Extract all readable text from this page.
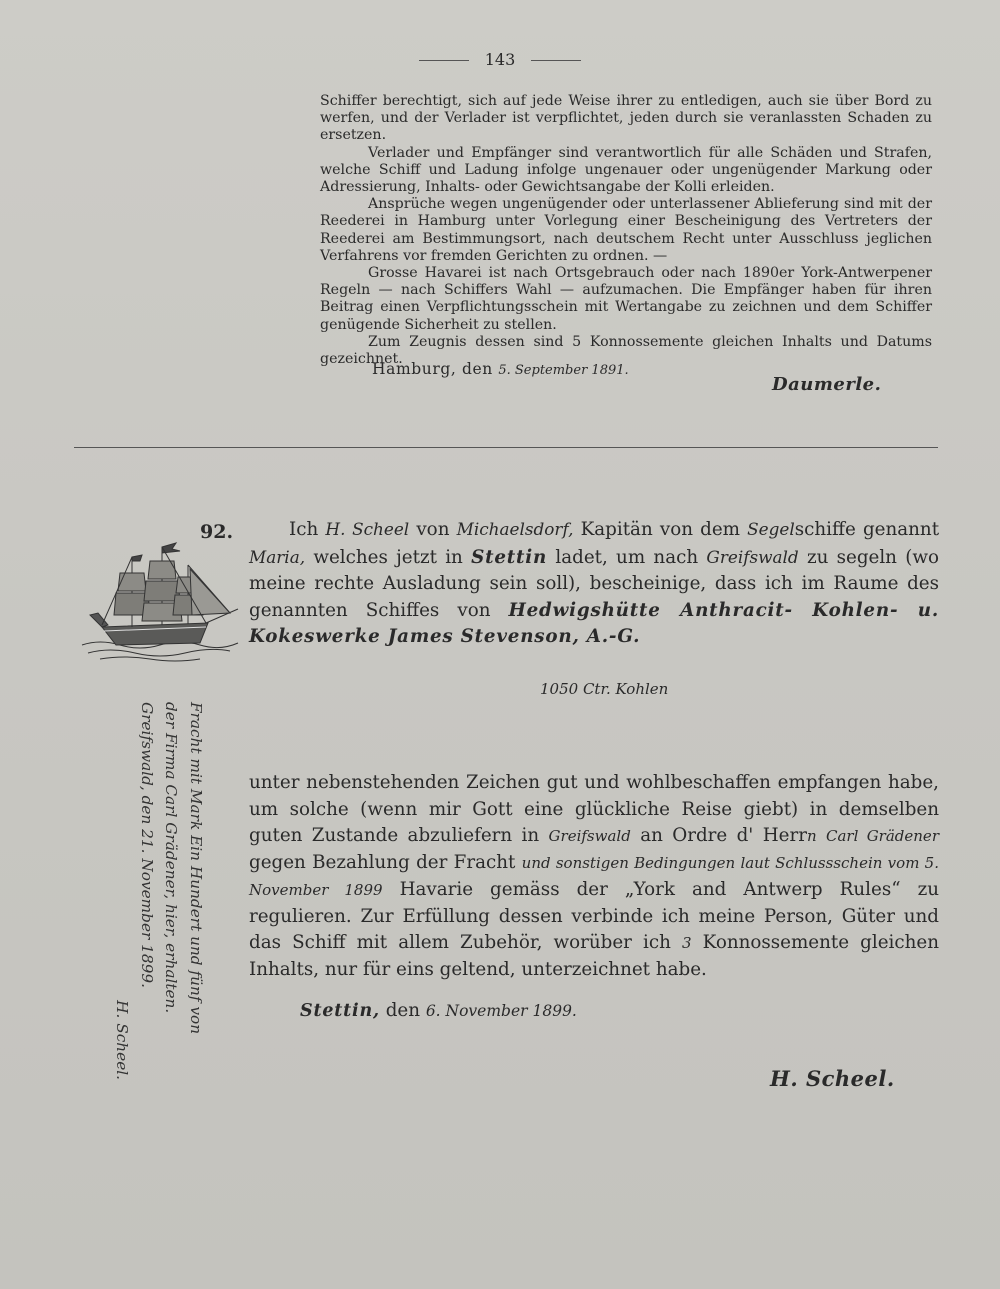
143

Schiffer berechtigt, sich auf jede Weise ihrer zu entledigen, auch sie über Bord zu werfen, und der Verlader ist verpflichtet, jeden durch sie veranlassten Schaden zu ersetzen.

Verlader und Empfänger sind verantwortlich für alle Schäden und Strafen, welche Schiff und Ladung infolge ungenauer oder ungenügender Markung oder Adressierung, Inhalts- oder Gewichtsangabe der Kolli erleiden.

Ansprüche wegen ungenügender oder unterlassener Ablieferung sind mit der Reederei in Hamburg unter Vorlegung einer Bescheinigung des Vertreters der Reederei am Bestimmungsort, nach deutschem Recht unter Ausschluss jeglichen Verfahrens vor fremden Gerichten zu ordnen. —

Grosse Havarei ist nach Ortsgebrauch oder nach 1890er York-Antwerpener Regeln — nach Schiffers Wahl — aufzumachen. Die Empfänger haben für ihren Beitrag einen Verpflichtungsschein mit Wertangabe zu zeichnen und dem Schiffer genügende Sicherheit zu stellen.

Zum Zeugnis dessen sind 5 Konnossemente gleichen Inhalts und Datums gezeichnet.

Hamburg, den 5. September 1891.
Daumerle.
92.	Ich H. Scheel von Michaelsdorf, Kapitän von dem Segelschiffe genannt Maria, welches jetzt in Stettin ladet, um nach Greifswald zu segeln (wo meine rechte Ausladung sein soll), bescheinige, dass ich im Raume des genannten Schiffes von Hedwigshütte Anthracit- Kohlen- u. Kokeswerke James Stevenson, A.-G.
1050 Ctr. Kohlen
unter nebenstehenden Zeichen gut und wohlbeschaffen empfangen habe, um solche (wenn mir Gott eine glückliche Reise giebt) in demselben guten Zustande abzuliefern in Greifswald an Ordre d' Herrn Carl Grädener gegen Bezahlung der Fracht und sonstigen Bedingungen laut Schlussschein vom 5. November 1899 Havarie gemäss der „York and Antwerp Rules“ zu regulieren. Zur Erfüllung dessen verbinde ich meine Person, Güter und das Schiff mit allem Zubehör, worüber ich 3 Konnossemente gleichen Inhalts, nur für eins geltend, unterzeichnet habe.
Stettin, den 6. November 1899.
H. Scheel.
Fracht mit Mark Ein Hundert und fünf von
der Firma Carl Grädener, hier, erhalten.
Greifswald, den 21. November 1899.
H. Scheel.
